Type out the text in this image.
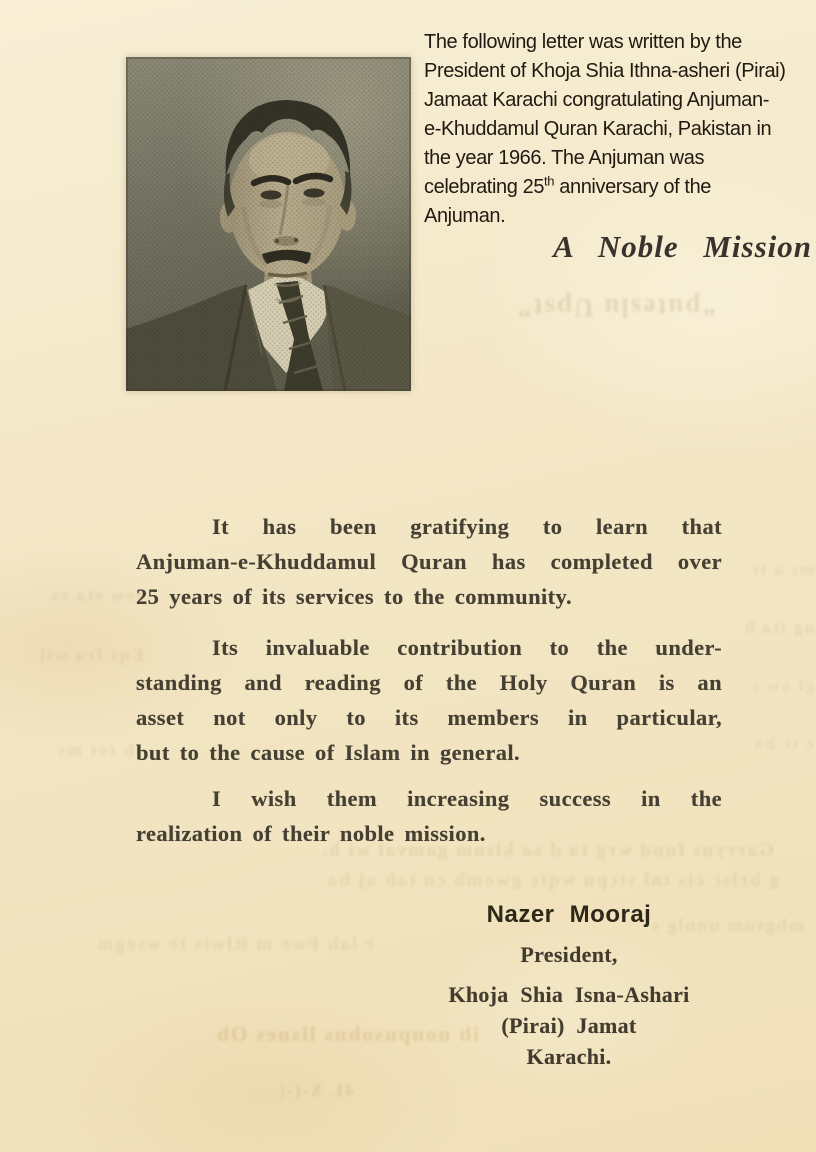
“puteslu Upst”
tew sta ss
Eqs fra wil
b tot ms
ms a tr
ug ita b
gl ow s
e tr ba
Garryns fund wrg ta d sa klsum gamval wi b.
g brlsc cis tnl stcpu wqtc gwomb cn tab aj ba
r lab Pwe m Rlwis te wsegm
mbgsum unnlg s
ib nonpusobns llsnes Ob
4L X-(-|
The following letter was written by the
President of Khoja Shia Ithna-asheri (Pirai)
Jamaat Karachi congratulating Anjuman-
e-Khuddamul Quran Karachi, Pakistan in
the year 1966. The Anjuman was
celebrating 25th anniversary of the
Anjuman.
A Noble Mission
It has been gratifying to learn that
Anjuman-e-Khuddamul Quran has completed over
25 years of its services to the community.
Its invaluable contribution to the under-
standing and reading of the Holy Quran is an
asset not only to its members in particular,
but to the cause of Islam in general.
I wish them increasing success in the
realization of their noble mission.
Nazer Mooraj
President,
Khoja Shia Isna-Ashari
(Pirai) Jamat
Karachi.
